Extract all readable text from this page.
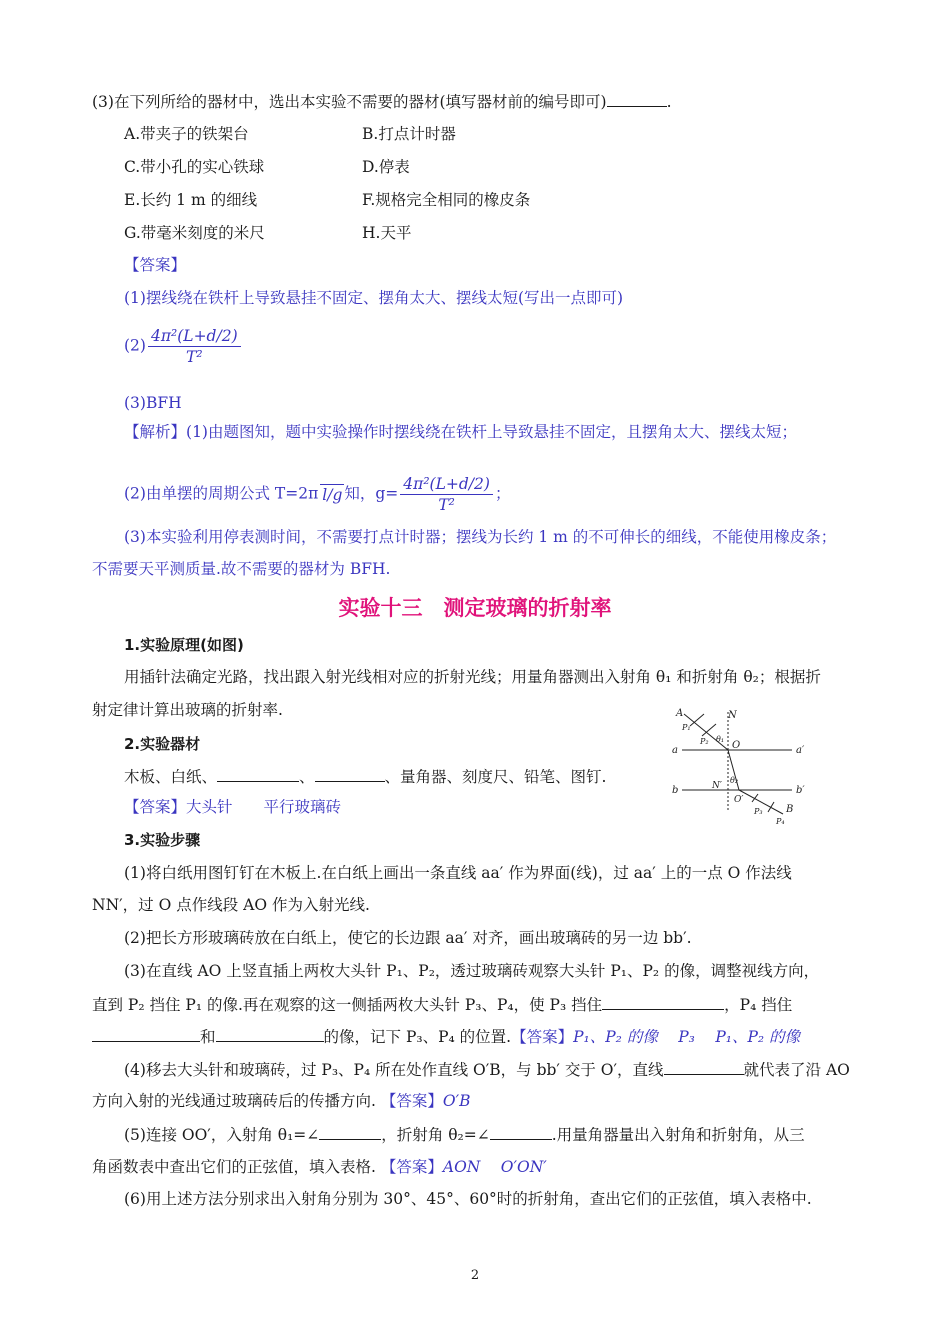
(3)在下列所给的器材中，选出本实验不需要的器材(填写器材前的编号即可)	.
A.带夹子的铁架台	B.打点计时器
C.带小孔的实心铁球	D.停表
E.长约 1 m 的细线	F.规格完全相同的橡皮条
G.带毫米刻度的米尺	H.天平
【答案】
(1)摆线绕在铁杆上导致悬挂不固定、摆角太大、摆线太短(写出一点即可)
$(2) \frac{\text{4π²(L+d/2)}}{\text{T²}}$
(3)BFH
【解析】(1)由题图知，题中实验操作时摆线绕在铁杆上导致悬挂不固定，且摆角太大、摆线太短；
(2)由单摆的周期公式 T=2π l/g 知，$g= \frac{\text{4π²(L+d/2)}}{\text{T²}}$ ；
(3)本实验利用停表测时间，不需要打点计时器；摆线为长约 1 m 的不可伸长的细线，不能使用橡皮条；
不需要天平测质量.故不需要的器材为 BFH.
实验十三　测定玻璃的折射率
1.实验原理(如图)
用插针法确定光路，找出跟入射光线相对应的折射光线；用量角器测出入射角 θ₁ 和折射角 θ₂；根据折
射定律计算出玻璃的折射率.
2.实验器材
木板、白纸、	、	、量角器、刻度尺、铅笔、图钉.
【答案】大头针　　 平行玻璃砖
A	N
P₁
P₂ θ₁
O
a	a′
N′
θ₂
b	b′
O′
P₃ B
P₄
3.实验步骤
(1)将白纸用图钉钉在木板上.在白纸上画出一条直线 aa′ 作为界面(线)，过 aa′ 上的一点 O 作法线
NN′，过 O 点作线段 AO 作为入射光线.
(2)把长方形玻璃砖放在白纸上，使它的长边跟 aa′ 对齐，画出玻璃砖的另一边 bb′.
(3)在直线 AO 上竖直插上两枚大头针 P₁、P₂，透过玻璃砖观察大头针 P₁、P₂ 的像，调整视线方向，
直到 P₂ 挡住 P₁ 的像.再在观察的这一侧插两枚大头针 P₃、P₄，使 P₃ 挡住	，P₄ 挡住
和	的像，记下 P₃、P₄ 的位置.【答案】P₁、P₂ 的像　 P₃　 P₁、P₂ 的像
(4)移去大头针和玻璃砖，过 P₃、P₄ 所在处作直线 O′B，与 bb′ 交于 O′，直线	就代表了沿 AO
方向入射的光线通过玻璃砖后的传播方向. 【答案】O′B
(5)连接 OO′，入射角 θ₁=∠	，折射角 θ₂=∠	.用量角器量出入射角和折射角，从三
角函数表中查出它们的正弦值，填入表格. 【答案】AON　 O′ON′
(6)用上述方法分别求出入射角分别为 30°、45°、60°时的折射角，查出它们的正弦值，填入表格中.
2
